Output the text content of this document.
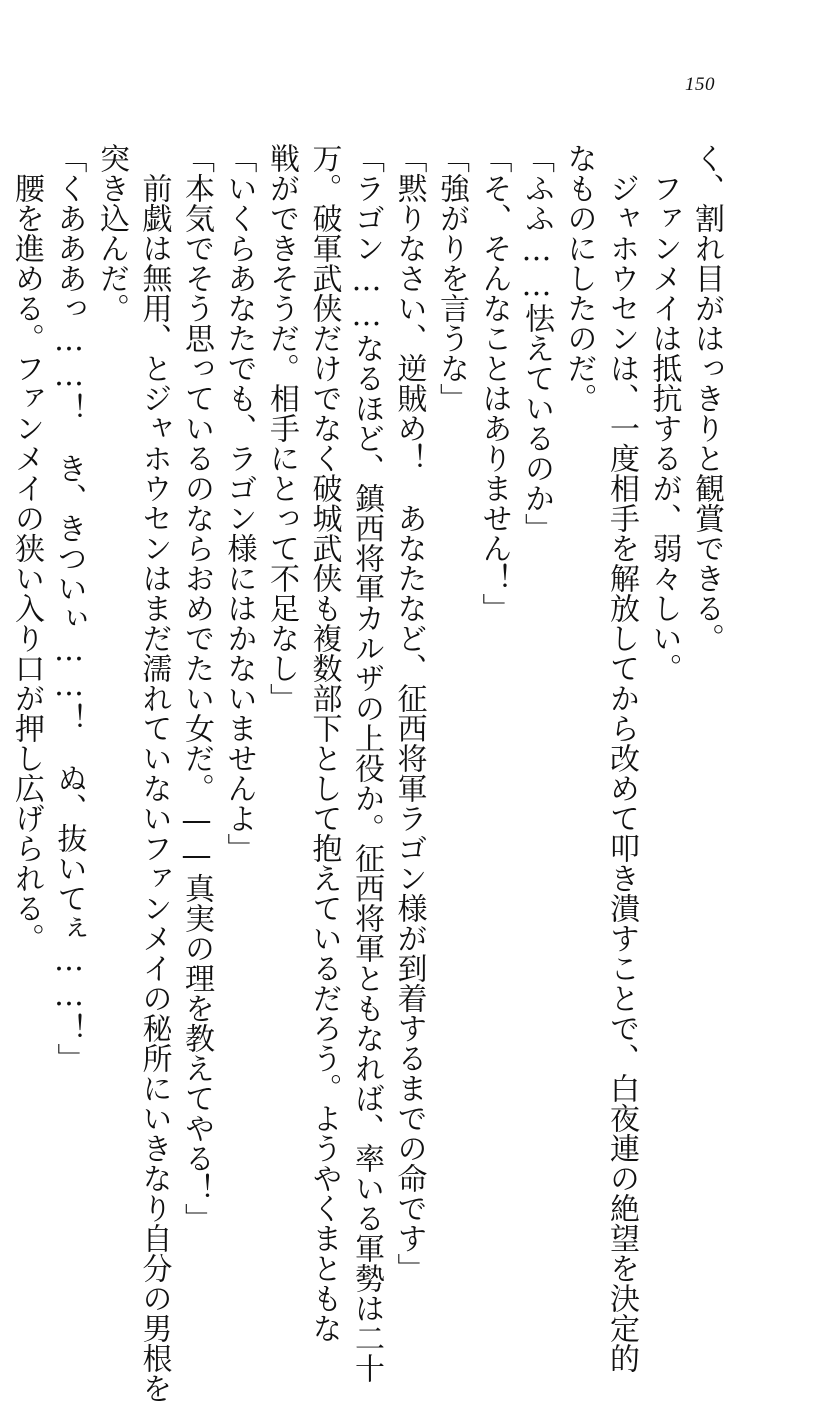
150
く、割れ目がはっきりと観賞できる。
ファンメイは抵抗するが、弱々しい。
ジャホウセンは、一度相手を解放してから改めて叩き潰すことで、白夜連の絶望を決定的
なものにしたのだ。
「ふふ……怯えているのか」
「そ、そんなことはありません！」
「強がりを言うな」
「黙りなさい、逆賊め！　あなたなど、征西将軍ラゴン様が到着するまでの命です」
「ラゴン……なるほど、鎮西将軍カルザの上役か。征西将軍ともなれば、率いる軍勢は二十
万。破軍武侠だけでなく破城武侠も複数部下として抱えているだろう。ようやくまともな
戦ができそうだ。相手にとって不足なし」
「いくらあなたでも、ラゴン様にはかないませんよ」
「本気でそう思っているのならおめでたい女だ。——真実の理を教えてやる！」
前戯は無用、とジャホウセンはまだ濡れていないファンメイの秘所にいきなり自分の男根を
突き込んだ。
「くあああっ……！　き、きついぃ……！　ぬ、抜いてぇ……！」
腰を進める。ファンメイの狭い入り口が押し広げられる。
